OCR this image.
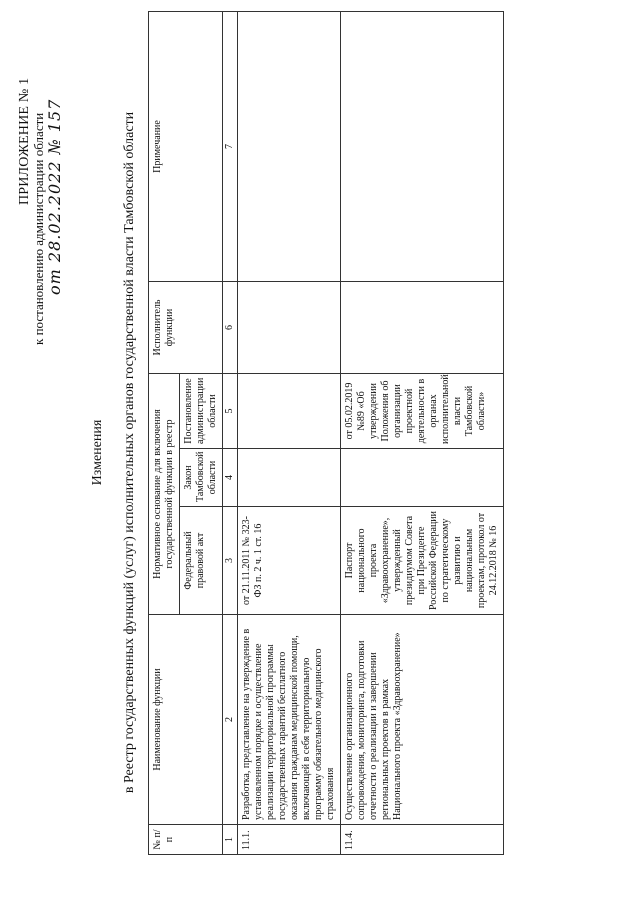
ПРИЛОЖЕНИЕ № 1 к постановлению администрации области от 28.02.2022 № 157
Изменения в Реестр государственных функций (услуг) исполнительных органов государственной власти Тамбовской области
№ п/п	Наименование функции	Нормативное основание для включения государственной функции в реестр			Исполнитель функции	Примечание
		Федеральный правовой акт	Закон Тамбовской области	Постановление администрации области		
1	2	3	4	5	6	7
11.1.	Разработка, представление на утверждение в установленном порядке и осуществление реализации территориальной программы государственных гарантий бесплатного оказания гражданам медицинской помощи, включающей в себя территориальную программу обязательного медицинского страхования	от 21.11.2011 № 323-ФЗ п. 2 ч. 1 ст. 16				
11.4.	Осуществление организационного сопровождения, мониторинга, подготовки отчетности о реализации и завершении региональных проектов в рамках Национального проекта «Здравоохранение»	Паспорт национального проекта «Здравоохранение», утвержденный президиумом Совета при Президенте Российской Федерации по стратегическому развитию и национальным проектам, протокол от 24.12.2018 № 16		от 05.02.2019 №89 «Об утверждении Положения об организации проектной деятельности в органах исполнительной власти Тамбовской области»		
